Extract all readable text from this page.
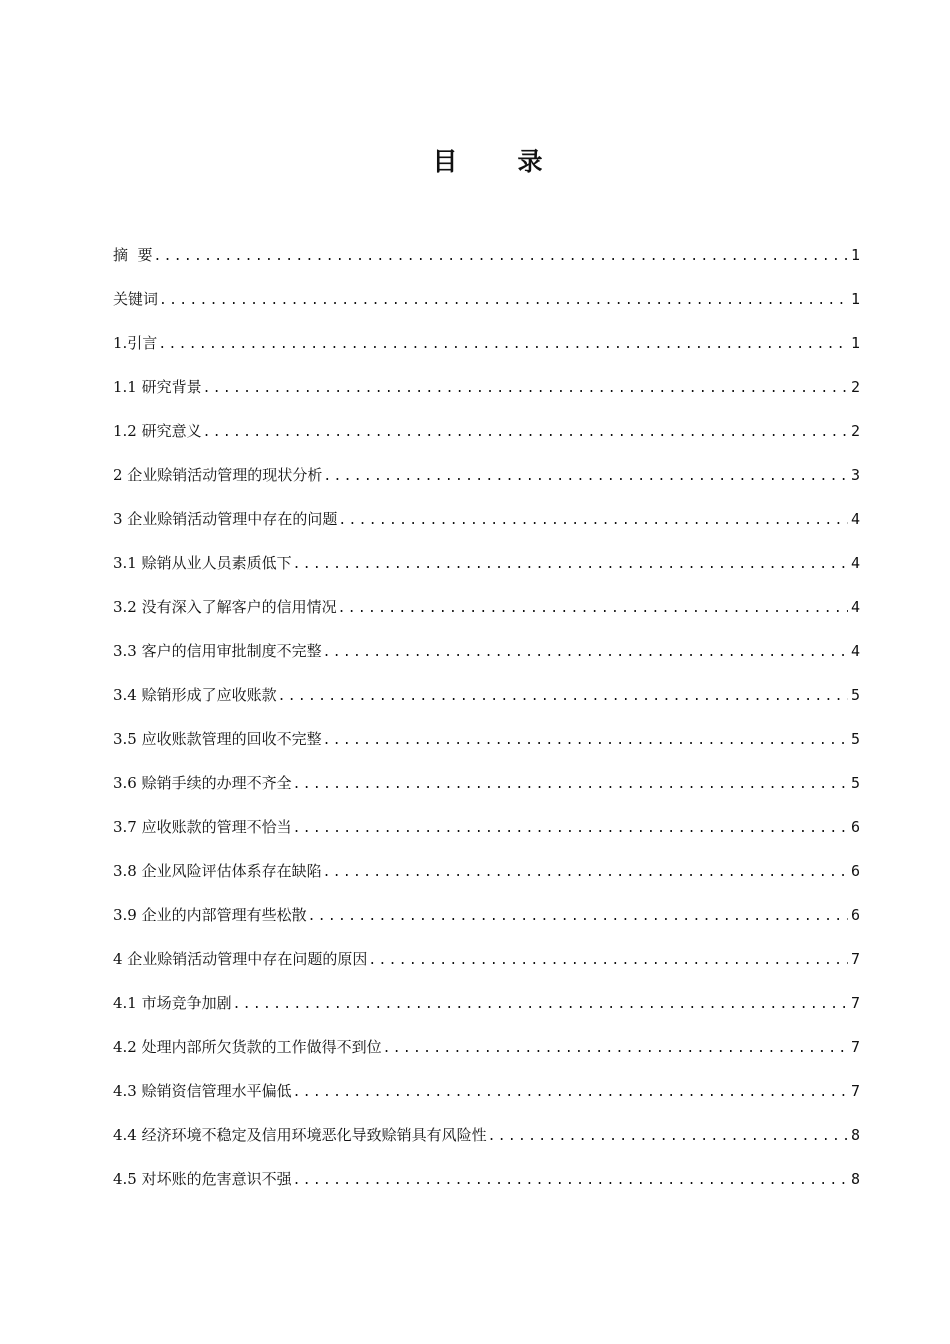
目 录
摘  要 .....	1
关键词 .....	1
1.引言 .....	1
1.1 研究背景 .....	2
1.2 研究意义 .....	2
2 企业赊销活动管理的现状分析 .....	3
3 企业赊销活动管理中存在的问题 .....	4
3.1 赊销从业人员素质低下 .....	4
3.2 没有深入了解客户的信用情况 .....	4
3.3 客户的信用审批制度不完整 .....	4
3.4 赊销形成了应收账款 .....	5
3.5 应收账款管理的回收不完整 .....	5
3.6 赊销手续的办理不齐全 .....	5
3.7 应收账款的管理不恰当 .....	6
3.8 企业风险评估体系存在缺陷 .....	6
3.9 企业的内部管理有些松散 .....	6
4 企业赊销活动管理中存在问题的原因 .....	7
4.1 市场竞争加剧 .....	7
4.2 处理内部所欠货款的工作做得不到位 .....	7
4.3 赊销资信管理水平偏低 .....	7
4.4 经济环境不稳定及信用环境恶化导致赊销具有风险性 .....	8
4.5 对坏账的危害意识不强 .....	8
